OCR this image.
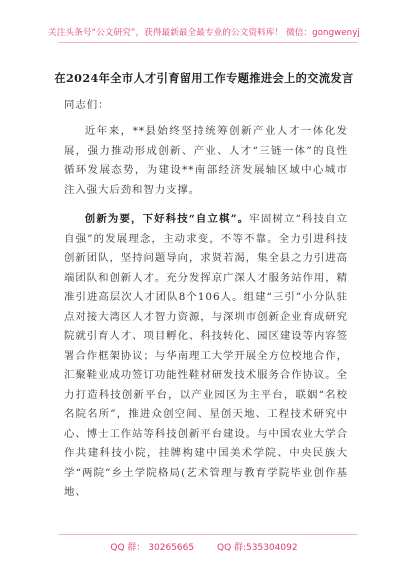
关注头条号“公文研究”，获得最新最全最专业的公文资料库！ 微信：gongwenyj
在2024年全市人才引育留用工作专题推进会上的交流发言
同志们：

近年来，**县始终坚持统筹创新产业人才一体化发展，强力推动形成创新、产业、人才“三链一体”的良性循环发展态势，为建设**南部经济发展轴区域中心城市注入强大后劲和智力支撑。

创新为要，下好科技“自立棋”。牢固树立“科技自立自强”的发展理念，主动求变，不等不靠。全力引进科技创新团队，坚持问题导向，求贤若渴，集全县之力引进高端团队和创新人才。充分发挥京广深人才服务站作用，精准引进高层次人才团队8个106人。组建“三引”小分队驻点对接大湾区人才智力资源，与深圳市创新企业育成研究院就引育人才、项目孵化、科技转化、园区建设等内容签署合作框架协议；与华南理工大学开展全方位校地合作，汇聚鞋业成功签订功能性鞋材研发技术服务合作协议。全力打造科技创新平台，以产业园区为主平台，联姻“名校名院名所”，推进众创空间、星创天地、工程技术研究中心、博士工作站等科技创新平台建设。与中国农业大学合作共建科技小院，挂牌构建中国美术学院、中央民族大学“两院”乡土学院格局(艺术管理与教育学院毕业创作基地、

QQ 群： 30265665	QQ 群:535304092
